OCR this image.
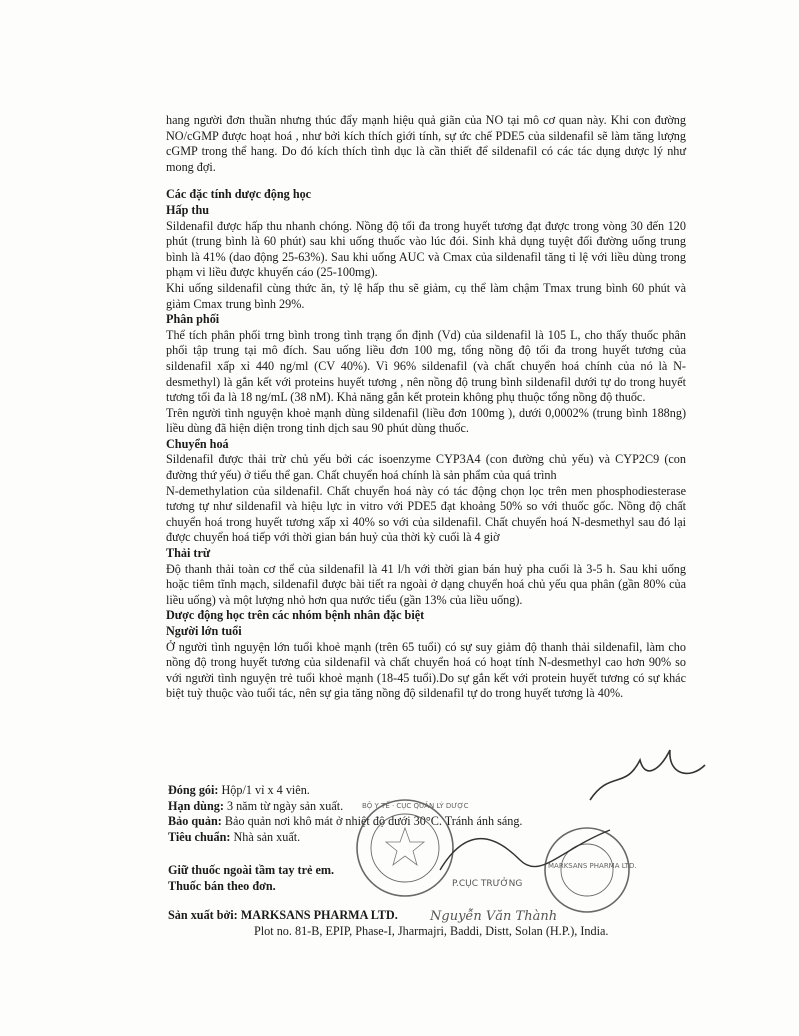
hang người đơn thuần nhưng thúc đẩy mạnh hiệu quả giãn của NO tại mô cơ quan này. Khi con đường NO/cGMP được hoạt hoá , như bởi kích thích giới tính, sự ức chế PDE5 của sildenafil sẽ làm tăng lượng cGMP trong thể hang. Do đó kích thích tình dục là cần thiết để sildenafil có các tác dụng dược lý như mong đợi.

Các đặc tính dược động học

Hấp thu

Sildenafil được hấp thu nhanh chóng. Nồng độ tối đa trong huyết tương đạt được trong vòng 30 đến 120 phút (trung bình là 60 phút) sau khi uống thuốc vào lúc đói. Sinh khả dụng tuyệt đối đường uống trung bình là 41% (dao động 25-63%). Sau khi uống AUC và Cmax của sildenafil tăng tỉ lệ với liều dùng trong phạm vi liều được khuyến cáo (25-100mg).

Khi uống sildenafil cùng thức ăn, tỷ lệ hấp thu sẽ giảm, cụ thể làm chậm Tmax trung bình 60 phút và giảm Cmax trung bình 29%.

Phân phối

Thể tích phân phối trng bình trong tình trạng ổn định (Vd) của sildenafil là 105 L, cho thấy thuốc phân phối tập trung tại mô đích. Sau uống liều đơn 100 mg, tổng nồng độ tối đa trong huyết tương của sildenafil xấp xỉ 440 ng/ml (CV 40%). Vì 96% sildenafil (và chất chuyển hoá chính của nó là N-desmethyl) là gắn kết với proteins huyết tương , nên nồng độ trung bình sildenafil dưới tự do trong huyết tương tối đa là 18 ng/mL (38 nM). Khả năng gắn kết protein không phụ thuộc tổng nồng độ thuốc.

Trên người tình nguyện khoẻ mạnh dùng sildenafil (liều đơn 100mg ), dưới 0,0002% (trung bình 188ng) liều dùng đã hiện diện trong tinh dịch sau 90 phút dùng thuốc.

Chuyển hoá

Sildenafil được thải trừ chủ yếu bởi các isoenzyme CYP3A4 (con đường chủ yếu) và CYP2C9 (con đường thứ yếu) ở tiểu thể gan. Chất chuyển hoá chính là sản phẩm của quá trình

N-demethylation của sildenafil. Chất chuyển hoá này có tác động chọn lọc trên men phosphodiesterase tương tự như sildenafil và hiệu lực in vitro với PDE5 đạt khoảng 50% so với thuốc gốc. Nồng độ chất chuyển hoá trong huyết tương xấp xỉ 40% so với của sildenafil. Chất chuyển hoá N-desmethyl sau đó lại được chuyển hoá tiếp với thời gian bán huỷ của thời kỳ cuối là 4 giờ

Thải trừ

Độ thanh thải toàn cơ thể của sildenafil là 41 l/h với thời gian bán huỷ pha cuối là 3-5 h. Sau khi uống hoặc tiêm tĩnh mạch, sildenafil được bài tiết ra ngoài ở dạng chuyển hoá chủ yếu qua phân (gần 80% của liều uống) và một lượng nhỏ hơn qua nước tiểu (gần 13% của liều uống).

Dược động học trên các nhóm bệnh nhân đặc biệt

Người lớn tuổi

Ở người tình nguyện lớn tuổi khoẻ mạnh (trên 65 tuổi) có sự suy giảm độ thanh thải sildenafil, làm cho nồng độ trong huyết tương của sildenafil và chất chuyển hoá có hoạt tính N-desmethyl cao hơn 90% so với người tình nguyện trẻ tuổi khoẻ mạnh (18-45 tuổi).Do sự gắn kết với protein huyết tương có sự khác biệt tuỳ thuộc vào tuổi tác, nên sự gia tăng nồng độ sildenafil tự do trong huyết tương là 40%.

Đóng gói: Hộp/1 vỉ x 4 viên.

Hạn dùng: 3 năm từ ngày sản xuất.

Bảo quản: Bảo quản nơi khô mát ở nhiệt độ dưới 30°C. Tránh ánh sáng.

Tiêu chuẩn: Nhà sản xuất.

Giữ thuốc ngoài tầm tay trẻ em.

Thuốc bán theo đơn.

Sản xuất bởi: MARKSANS PHARMA LTD.
Plot no. 81-B, EPIP, Phase-I, Jharmajri, Baddi, Distt, Solan (H.P.), India.
BỘ Y TẾ · CỤC QUẢN LÝ DƯỢC
MARKSANS PHARMA LTD.
P.CỤC TRƯỞNG
Nguyễn Văn Thành
